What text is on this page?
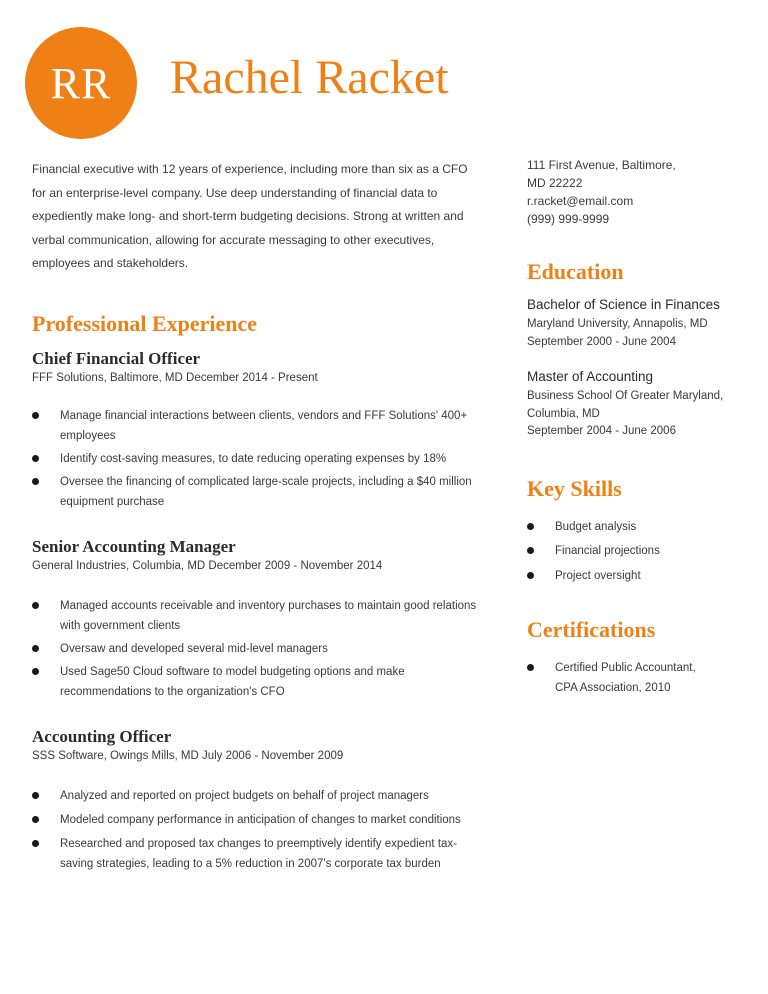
RR	Rachel Racket

Financial executive with 12 years of experience, including more than six as a CFO for an enterprise-level company. Use deep understanding of financial data to expediently make long- and short-term budgeting decisions. Strong at written and verbal communication, allowing for accurate messaging to other executives, employees and stakeholders.

Professional Experience
Chief Financial Officer

FFF Solutions, Baltimore, MD December 2014 - Present

Manage financial interactions between clients, vendors and FFF Solutions' 400+ employees
Identify cost-saving measures, to date reducing operating expenses by 18%
Oversee the financing of complicated large-scale projects, including a $40 million equipment purchase
Senior Accounting Manager

General Industries, Columbia, MD December 2009 - November 2014

Managed accounts receivable and inventory purchases to maintain good relations with government clients
Oversaw and developed several mid-level managers
Used Sage50 Cloud software to model budgeting options and make recommendations to the organization's CFO
Accounting Officer

SSS Software, Owings Mills, MD July 2006 - November 2009

Analyzed and reported on project budgets on behalf of project managers
Modeled company performance in anticipation of changes to market conditions
Researched and proposed tax changes to preemptively identify expedient tax-saving strategies, leading to a 5% reduction in 2007's corporate tax burden

111 First Avenue, Baltimore,

MD 22222

r.racket@email.com

(999) 999-9999

Education

Bachelor of Science in Finances

Maryland University, Annapolis, MD

September 2000 - June 2004

Master of Accounting

Business School Of Greater Maryland, Columbia, MD

September 2004 - June 2006

Key Skills
Budget analysis
Financial projections
Project oversight
Certifications
Certified Public Accountant, CPA Association, 2010
